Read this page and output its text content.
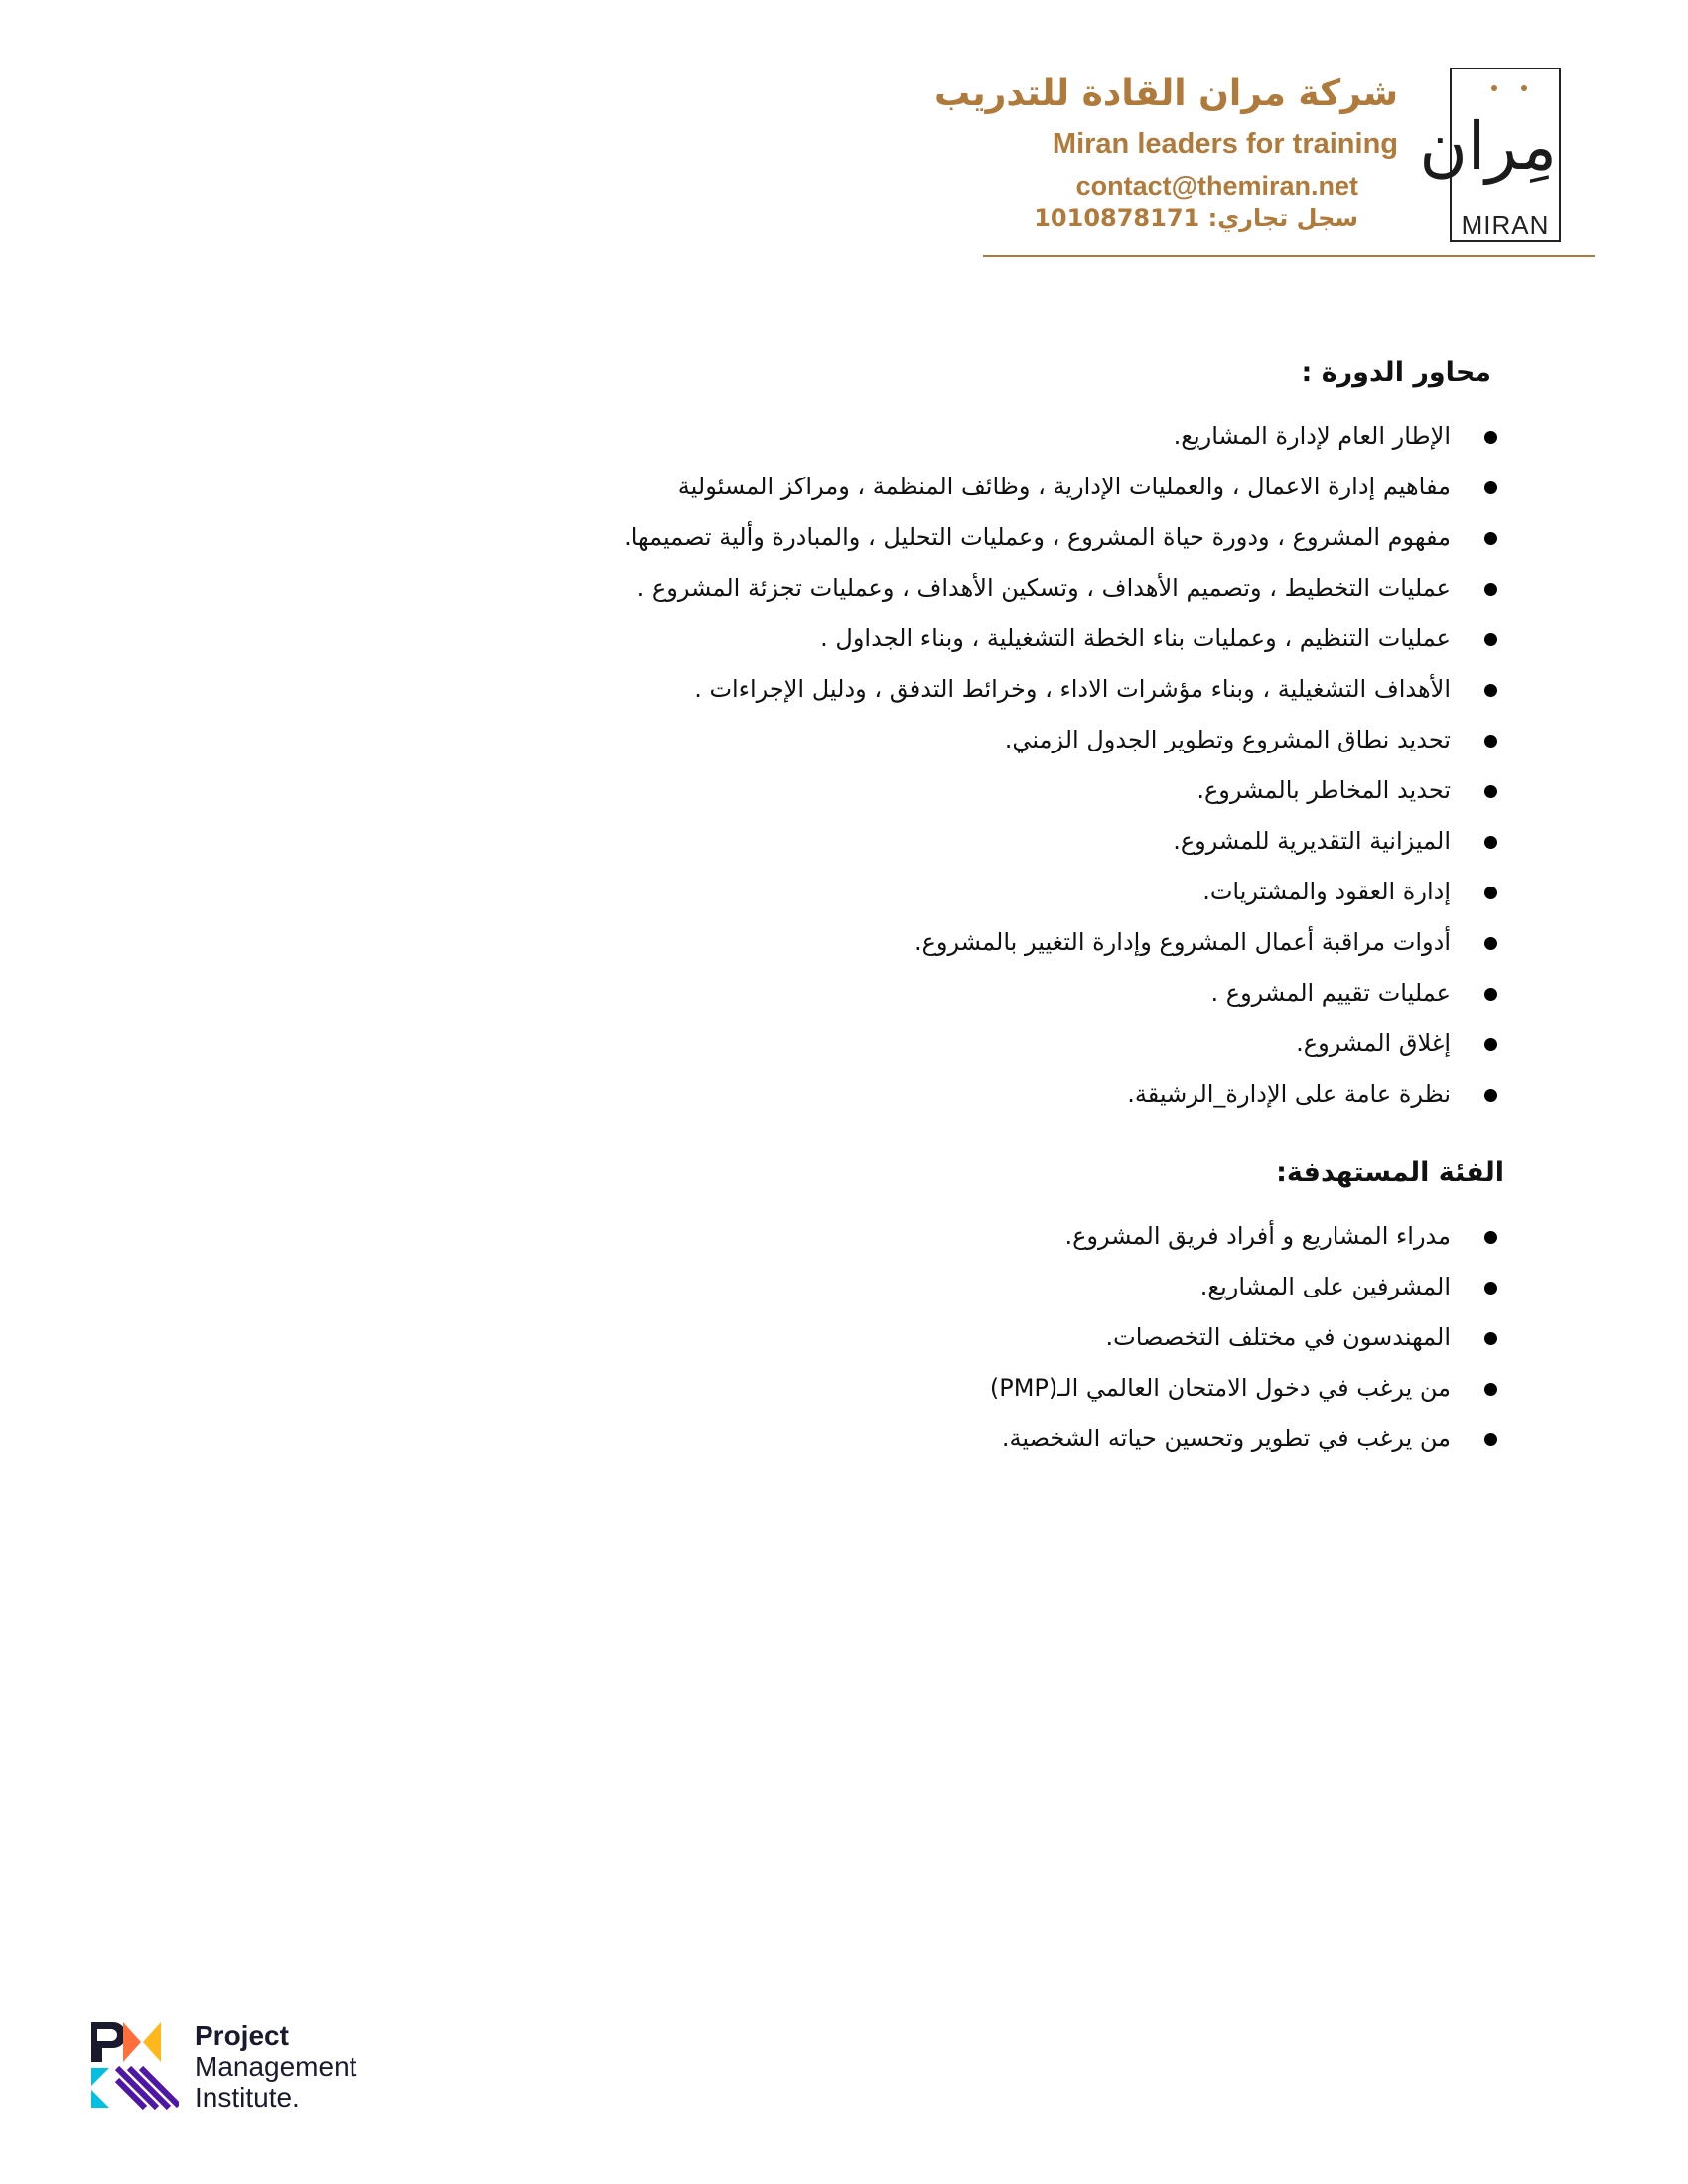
مِران
MIRAN
شركة مران القادة للتدريب
Miran leaders for training
contact@themiran.net
سجل تجاري: 1010878171
محاور الدورة :
الإطار العام لإدارة المشاريع.
مفاهيم إدارة الاعمال ، والعمليات الإدارية ، وظائف المنظمة ، ومراكز المسئولية
مفهوم المشروع ، ودورة حياة المشروع ، وعمليات التحليل ، والمبادرة وألية تصميمها.
عمليات التخطيط ، وتصميم الأهداف ، وتسكين الأهداف ، وعمليات تجزئة المشروع .
عمليات التنظيم ، وعمليات بناء الخطة التشغيلية ، وبناء الجداول .
الأهداف التشغيلية ، وبناء مؤشرات الاداء ، وخرائط التدفق ، ودليل الإجراءات .
تحديد نطاق المشروع وتطوير الجدول الزمني.
تحديد المخاطر بالمشروع.
الميزانية التقديرية للمشروع.
إدارة العقود والمشتريات.
أدوات مراقبة أعمال المشروع وإدارة التغيير بالمشروع.
عمليات تقييم المشروع .
إغلاق المشروع.
نظرة عامة على الإدارة_الرشيقة.
الفئة المستهدفة:
مدراء المشاريع و أفراد فريق المشروع.
المشرفين على المشاريع.
المهندسون في مختلف التخصصات.
من يرغب في دخول الامتحان العالمي الـ(PMP)
من يرغب في تطوير وتحسين حياته الشخصية.
Project
Management
Institute.
